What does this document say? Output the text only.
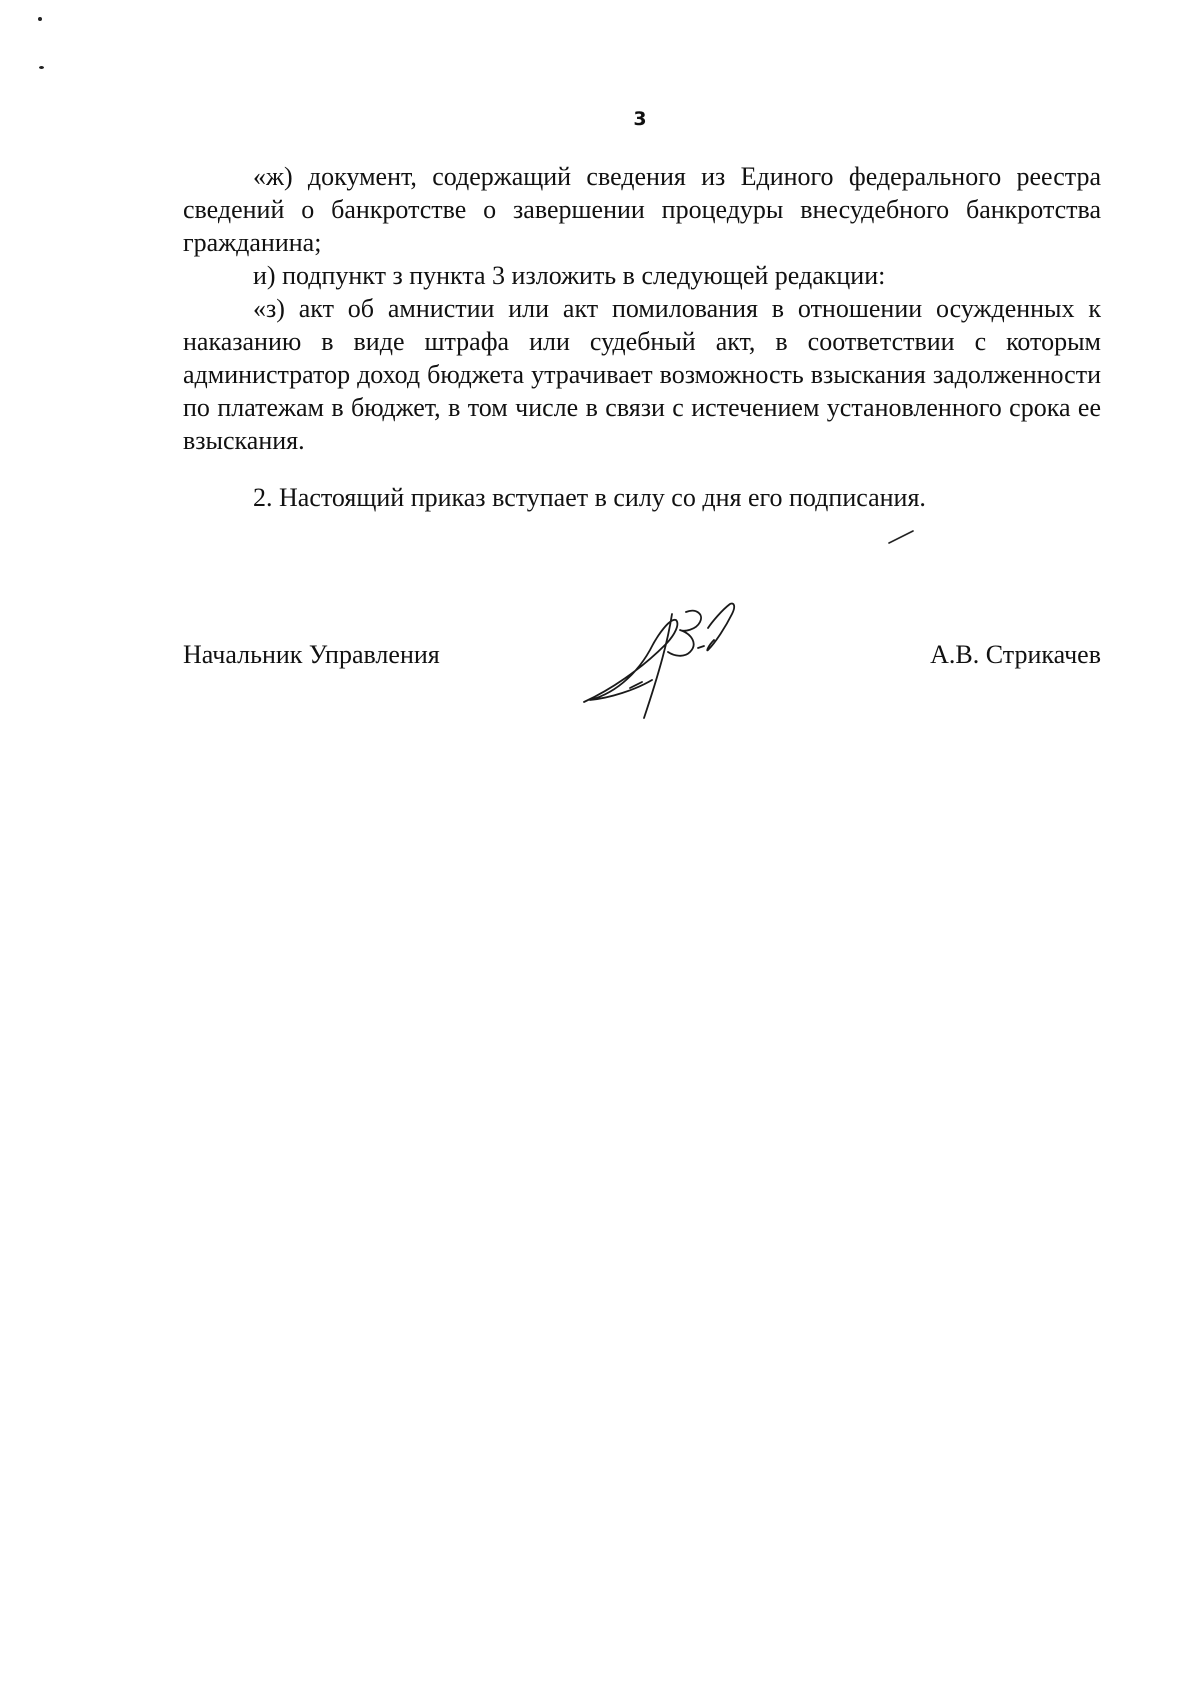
3

«ж) документ, содержащий сведения из Единого федерального реестра сведений о банкротстве о завершении процедуры внесудебного банкротства гражданина;

и) подпункт з пункта 3 изложить в следующей редакции:

«з) акт об амнистии или акт помилования в отношении осужденных к наказанию в виде штрафа или судебный акт, в соответствии с которым администратор доход бюджета утрачивает возможность взыскания задолженности по платежам в бюджет, в том числе в связи с истечением установленного срока ее взыскания.

2. Настоящий приказ вступает в силу со дня его подписания.

Начальник Управления	А.В. Стрикачев
